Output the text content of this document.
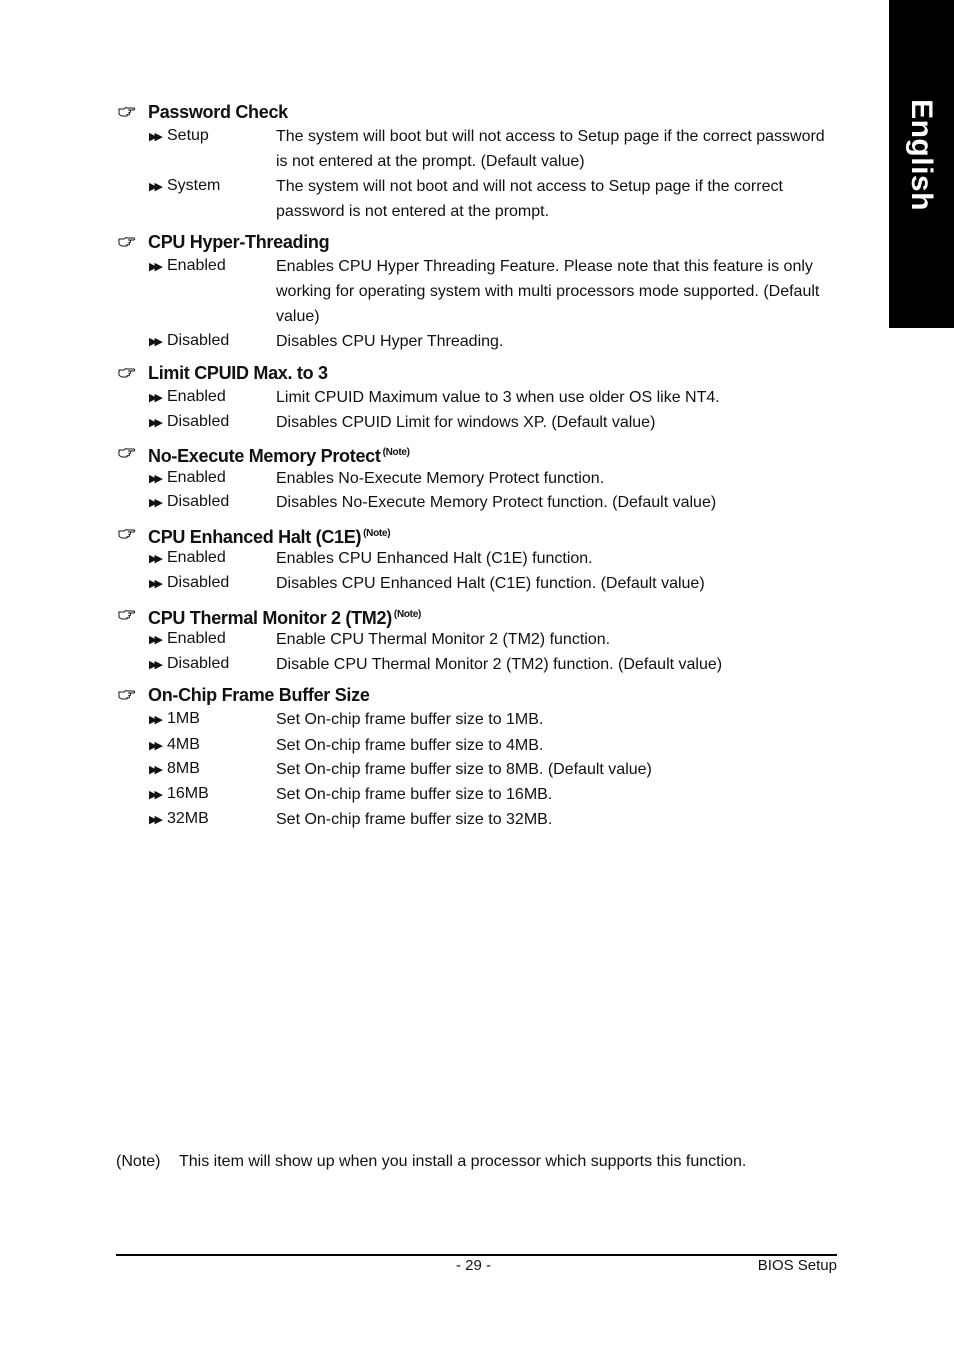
English
Password Check
▶▶ Setup	The system will boot but will not access to Setup page if the correct password is not entered at the prompt. (Default value)
▶▶ System	The system will not boot and will not access to Setup page if the correct password is not entered at the prompt.
CPU Hyper-Threading
▶▶ Enabled	Enables CPU Hyper Threading Feature. Please note that this feature is only working for operating system with multi processors mode supported. (Default value)
▶▶ Disabled	Disables CPU Hyper Threading.
Limit CPUID Max. to 3
▶▶ Enabled	Limit CPUID Maximum value to 3 when use older OS like NT4.
▶▶ Disabled	Disables CPUID Limit for windows XP. (Default value)
No-Execute Memory Protect $^{(Note)}$
▶▶ Enabled	Enables No-Execute Memory Protect function.
▶▶ Disabled	Disables No-Execute Memory Protect function. (Default value)
CPU Enhanced Halt (C1E) $^{(Note)}$
▶▶ Enabled	Enables CPU Enhanced Halt (C1E) function.
▶▶ Disabled	Disables CPU Enhanced Halt (C1E) function. (Default value)
CPU Thermal Monitor 2 (TM2) $^{(Note)}$
▶▶ Enabled	Enable CPU Thermal Monitor 2 (TM2) function.
▶▶ Disabled	Disable CPU Thermal Monitor 2 (TM2) function. (Default value)
On-Chip Frame Buffer Size
▶▶ 1MB	Set On-chip frame buffer size to 1MB.
▶▶ 4MB	Set On-chip frame buffer size to 4MB.
▶▶ 8MB	Set On-chip frame buffer size to 8MB. (Default value)
▶▶ 16MB	Set On-chip frame buffer size to 16MB.
▶▶ 32MB	Set On-chip frame buffer size to 32MB.
(Note) This item will show up when you install a processor which supports this function.
- 29 -	BIOS Setup
